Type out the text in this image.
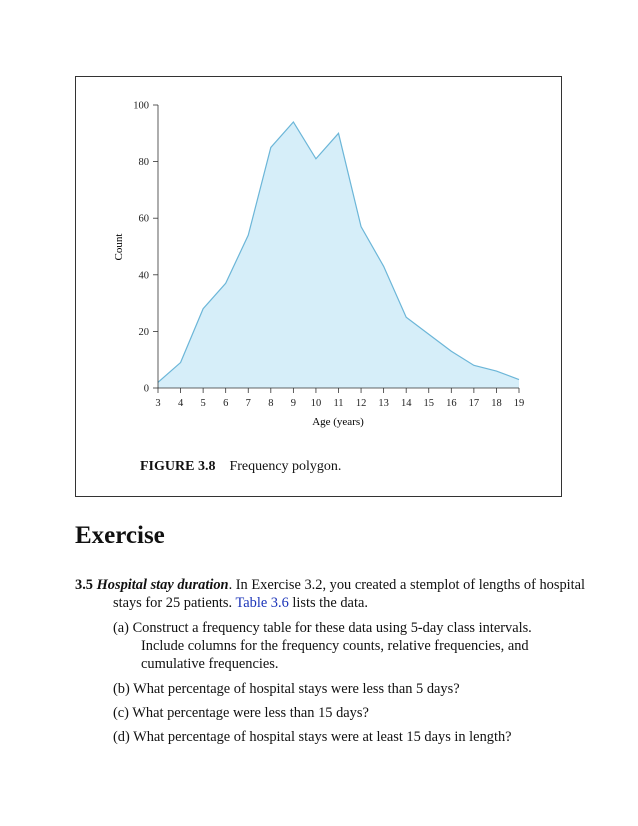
0
20
40
60
80
100
3 4 5 6 7 8 9 10 11 12 13 14 15 16 17 18 19
Count
Age (years)
FIGURE 3.8 Frequency polygon.
Exercise
3.5 Hospital stay duration. In Exercise 3.2, you created a stemplot of lengths of hospital stays for 25 patients. Table 3.6 lists the data.
(a) Construct a frequency table for these data using 5-day class intervals. Include columns for the frequency counts, relative frequencies, and cumulative frequencies.
(b) What percentage of hospital stays were less than 5 days?
(c) What percentage were less than 15 days?
(d) What percentage of hospital stays were at least 15 days in length?
